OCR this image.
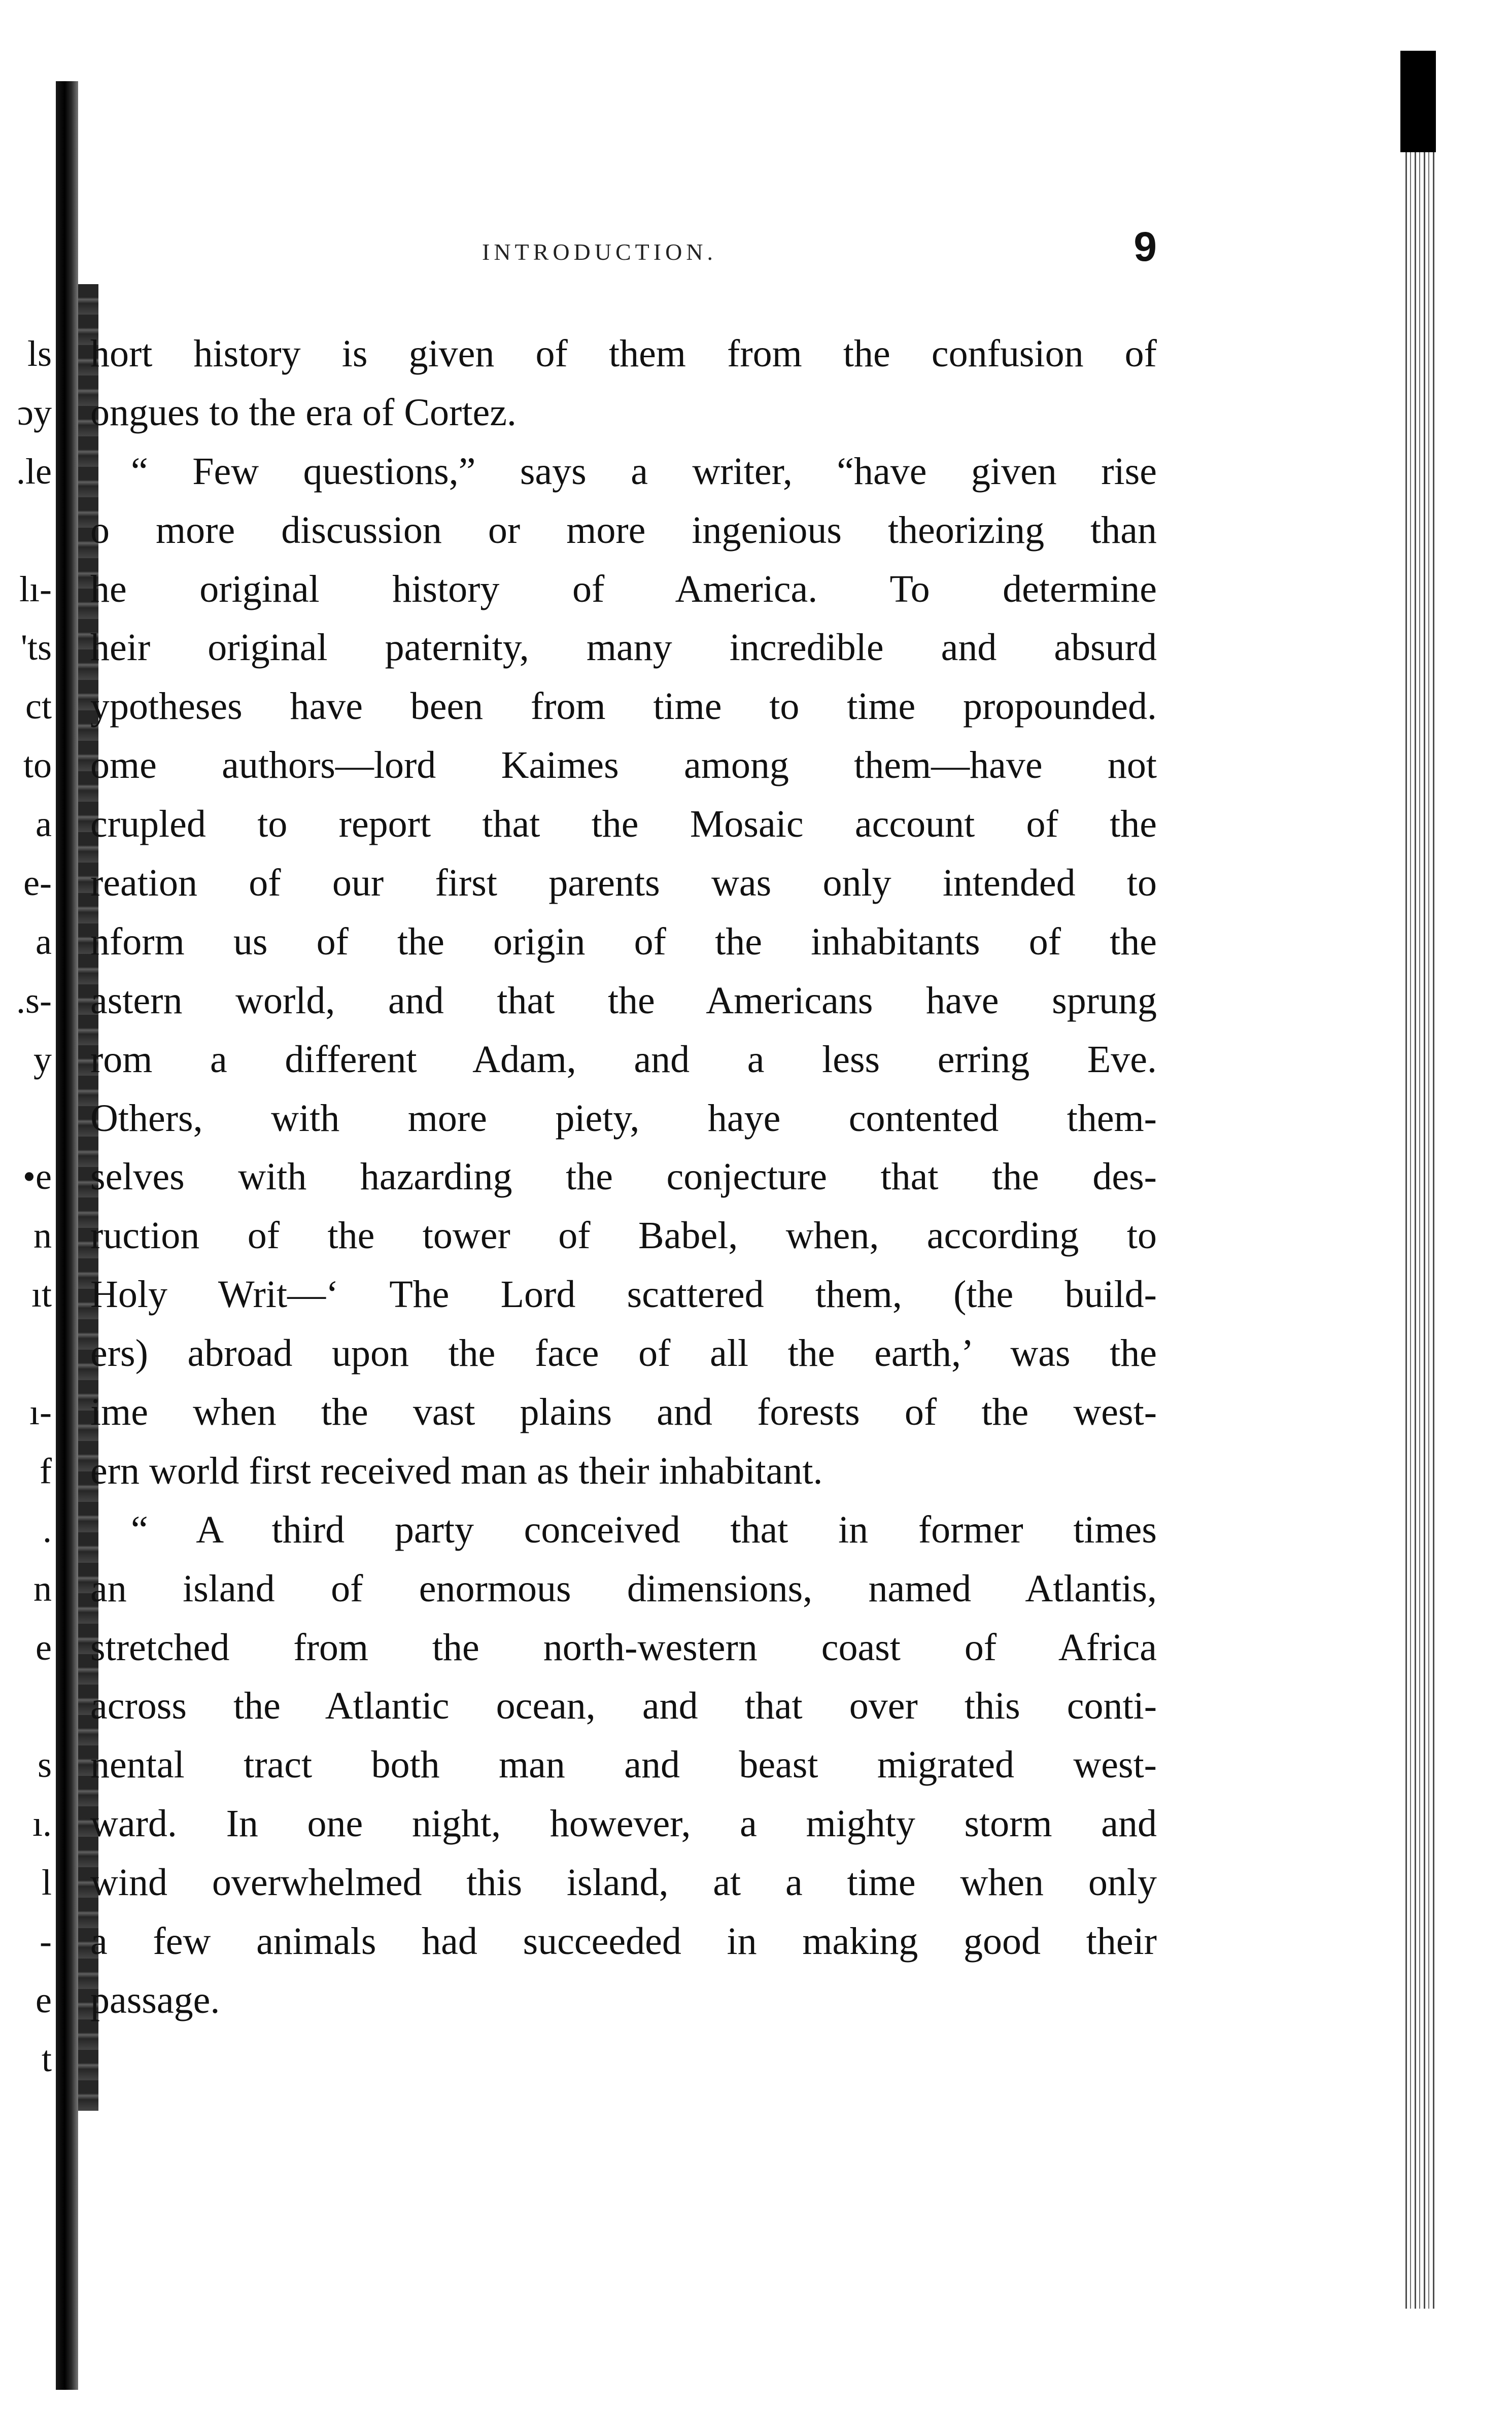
INTRODUCTION.	9
ls
ɔy
.le
lı-
'ts
ct
to
a
e-
a
.s-
y
•e
n
ıt
ı-
f
.
n
e
s
ı.
l
-
e
t
hort history is given of them from the confusion of
ongues to the era of Cortez.
“ Few questions,” says a writer, “have given rise
o more discussion or more ingenious theorizing than
he original history of America. To determine
heir original paternity, many incredible and absurd
ypotheses have been from time to time propounded.
ome authors—lord Kaimes among them—have not
crupled to report that the Mosaic account of the
reation of our first parents was only intended to
nform us of the origin of the inhabitants of the
astern world, and that the Americans have sprung
rom a different Adam, and a less erring Eve.
Others, with more piety, haye contented them-
selves with hazarding the conjecture that the des-
ruction of the tower of Babel, when, according to
Holy Writ—‘ The Lord scattered them, (the build-
ers) abroad upon the face of all the earth,’ was the
ime when the vast plains and forests of the west-
ern world first received man as their inhabitant.
“ A third party conceived that in former times
an island of enormous dimensions, named Atlantis,
stretched from the north-western coast of Africa
across the Atlantic ocean, and that over this conti-
nental tract both man and beast migrated west-
ward. In one night, however, a mighty storm and
wind overwhelmed this island, at a time when only
a few animals had succeeded in making good their
passage.
